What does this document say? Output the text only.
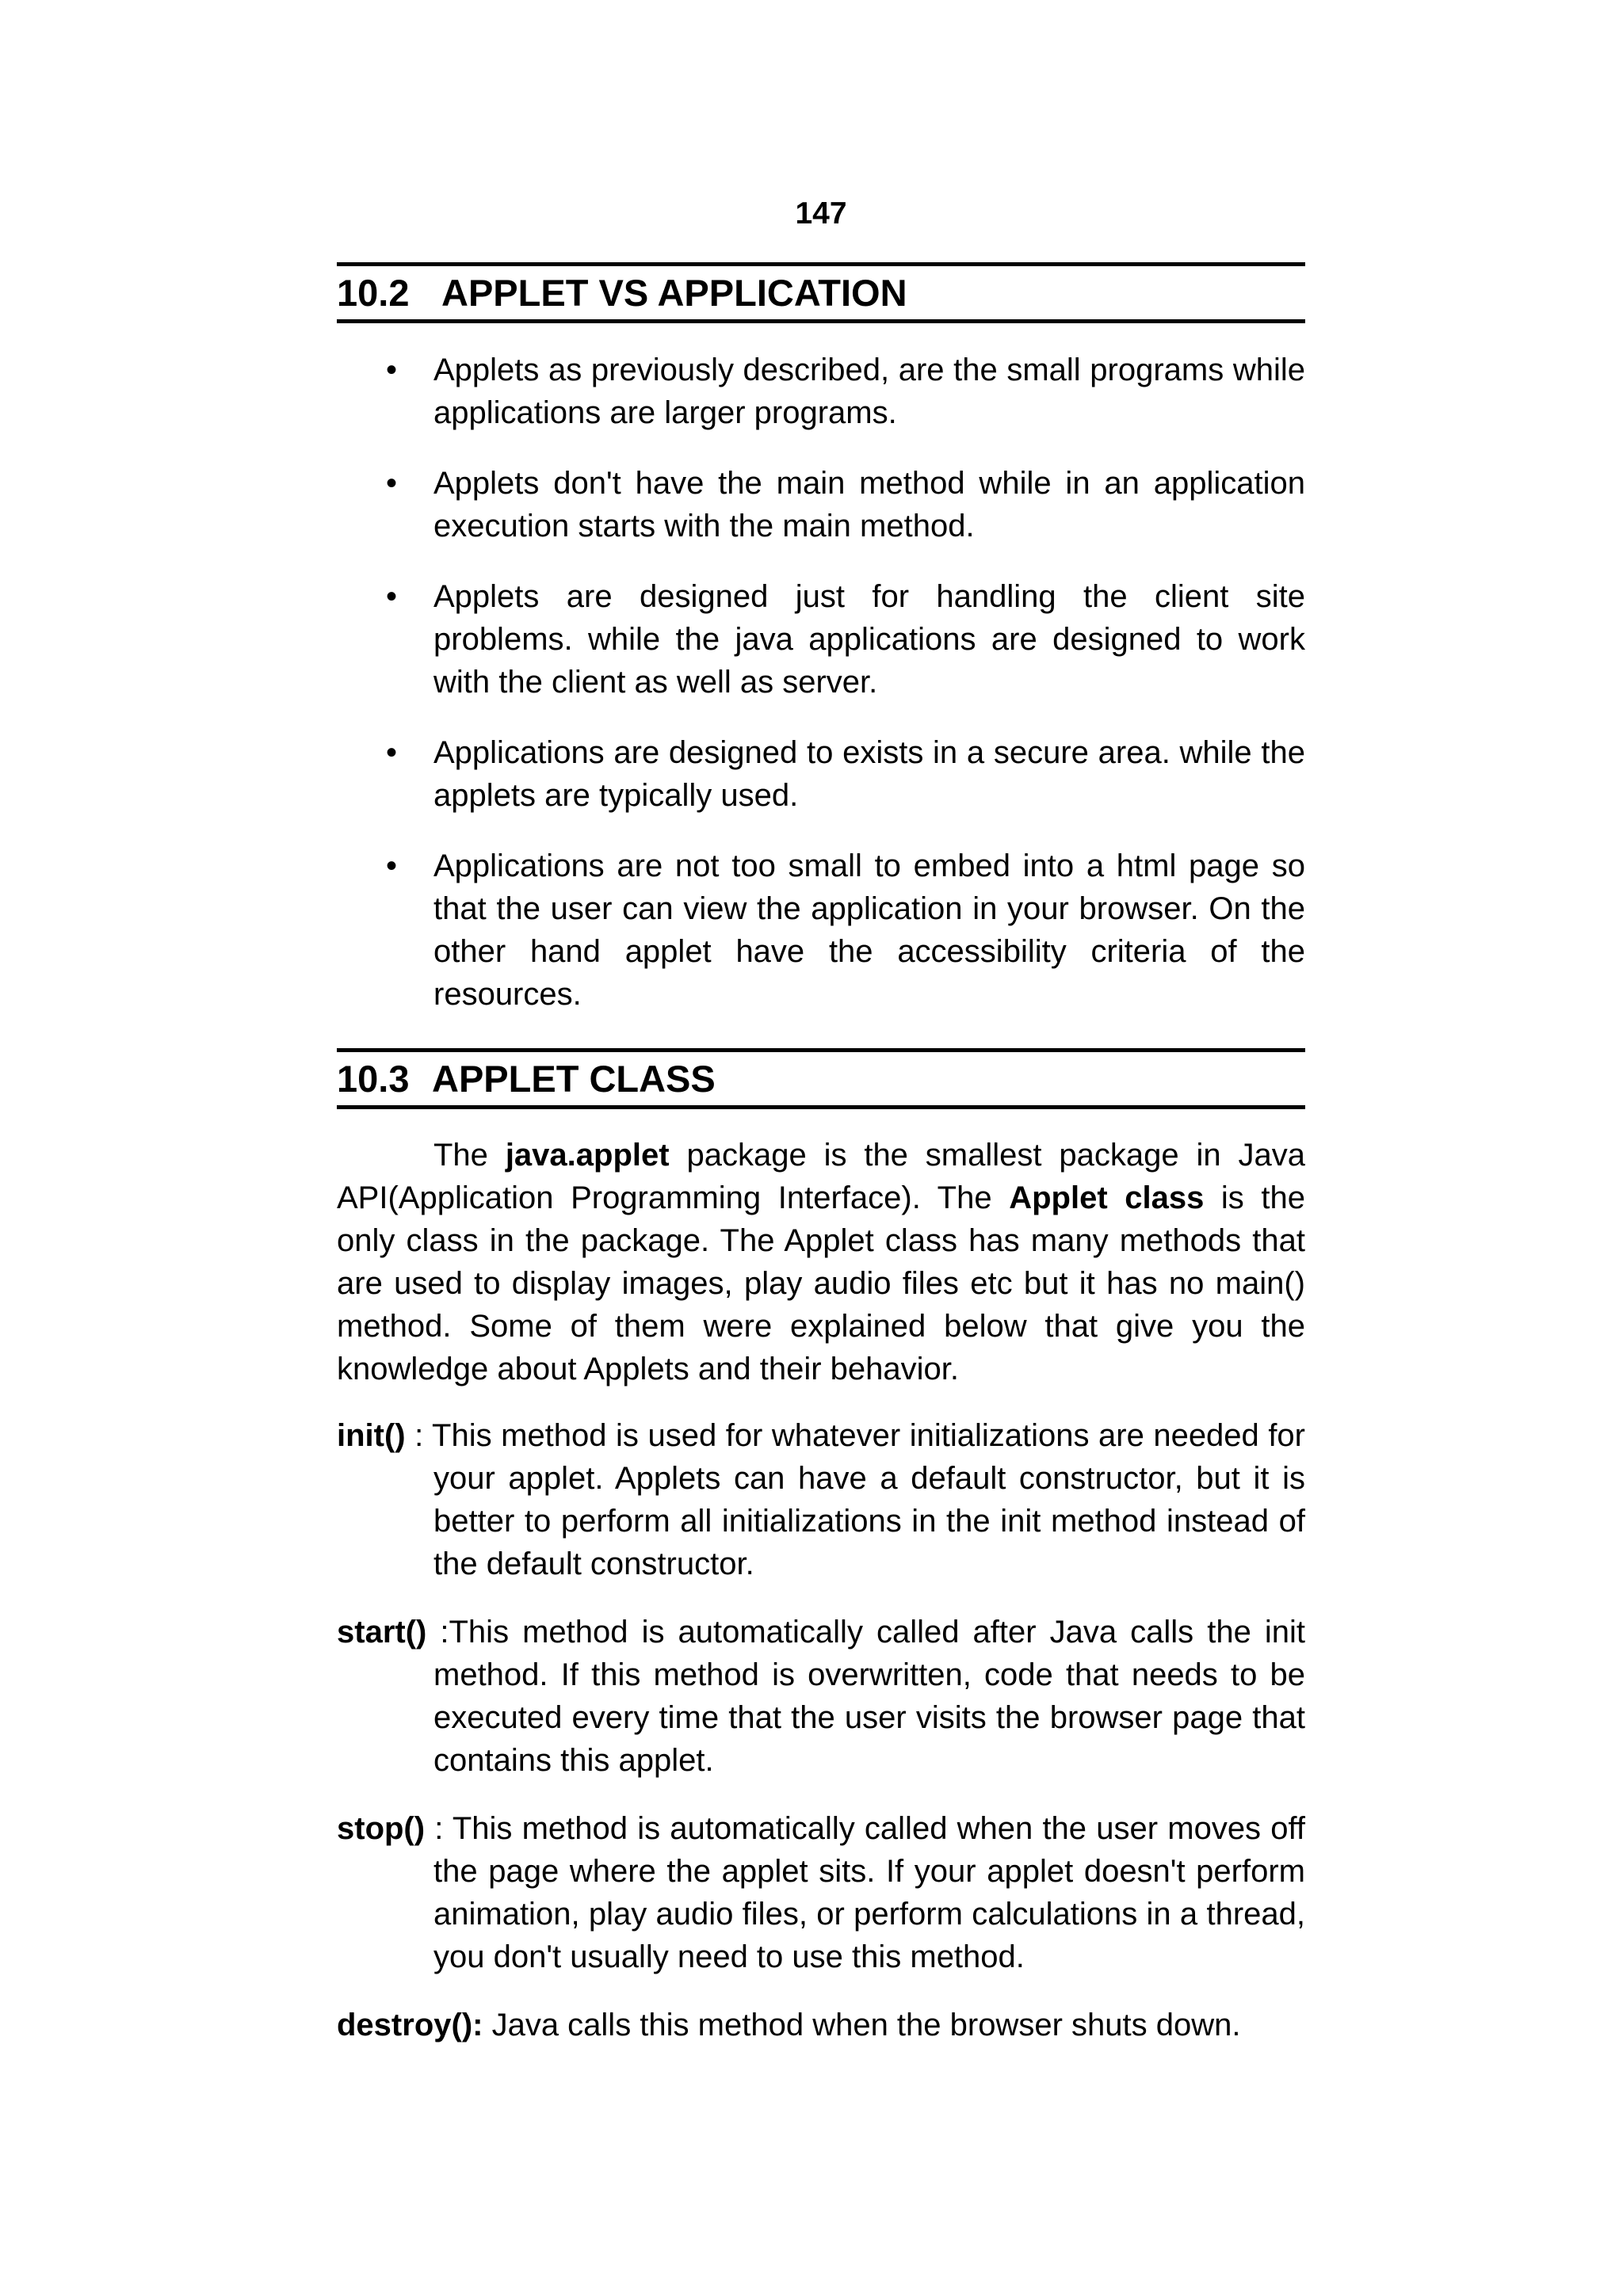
147
10.2 APPLET VS APPLICATION
• Applets as previously described, are the small programs while applications are larger programs.
• Applets don't have the main method while in an application execution starts with the main method.
• Applets are designed just for handling the client site problems. while the java applications are designed to work with the client as well as server.
• Applications are designed to exists in a secure area. while the applets are typically used.
• Applications are not too small to embed into a html page so that the user can view the application in your browser. On the other hand applet have the accessibility criteria of the resources.
10.3 APPLET CLASS

The java.applet package is the smallest package in Java API(Application Programming Interface). The Applet class is the only class in the package. The Applet class has many methods that are used to display images, play audio files etc but it has no main() method. Some of them were explained below that give you the knowledge about Applets and their behavior.

init() : This method is used for whatever initializations are needed for your applet. Applets can have a default constructor, but it is better to perform all initializations in the init method instead of the default constructor.
start() :This method is automatically called after Java calls the init method. If this method is overwritten, code that needs to be executed every time that the user visits the browser page that contains this applet.
stop() : This method is automatically called when the user moves off the page where the applet sits. If your applet doesn't perform animation, play audio files, or perform calculations in a thread, you don't usually need to use this method.
destroy(): Java calls this method when the browser shuts down.
